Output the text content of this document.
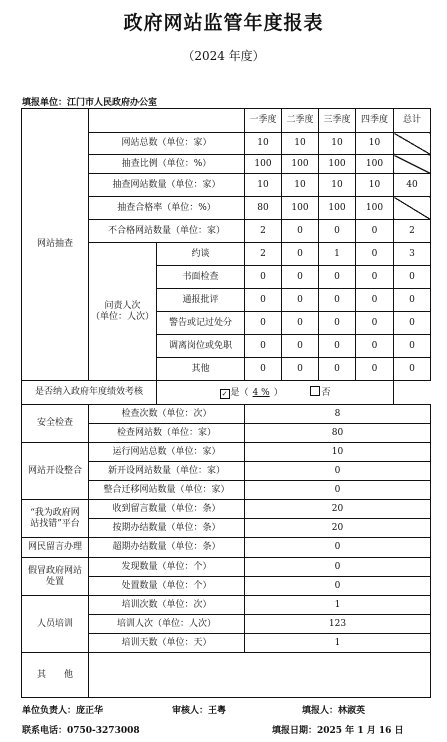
政府网站监管年度报表
（2024 年度）
填报单位：江门市人民政府办公室
网站抽查			一季度	二季度	三季度	四季度	总计
	网站总数（单位：家）		10	10	10	10	
	抽查比例（单位：%）		100	100	100	100	
	抽查网站数量（单位：家）		10	10	10	10	40
	抽查合格率（单位：%）		80	100	100	100	
	不合格网站数量（单位：家）		2	0	0	0	2
	问责人次
（单位：人次）	约谈	2	0	1	0	3
		书面检查	0	0	0	0	0
		通报批评	0	0	0	0	0
		警告或记过处分	0	0	0	0	0
		调离岗位或免职	0	0	0	0	0
		其他	0	0	0	0	0
是否纳入政府年度绩效考核		✓ 是（ 4 % ） 否					
安全检查	检查次数（单位：次）		8				
	检查网站数（单位：家）		80				
网站开设整合	运行网站总数（单位：家）		10				
	新开设网站数量（单位：家）		0				
	整合迁移网站数量（单位：家）		0				
“我为政府网
站找错”平台	收到留言数量（单位：条）		20				
	按期办结数量（单位：条）		20				
网民留言办理	超期办结数量（单位：条）		0				
假冒政府网站
处置	发现数量（单位：个）		0				
	处置数量（单位：个）		0				
人员培训	培训次数（单位：次）		1				
	培训人次（单位：人次）		123				
	培训天数（单位：天）		1				
其　　他							
单位负责人：庞正华	审核人：王粤	填报人：林淑英
联系电话：0750-3273008	填报日期：2025 年 1 月 16 日
